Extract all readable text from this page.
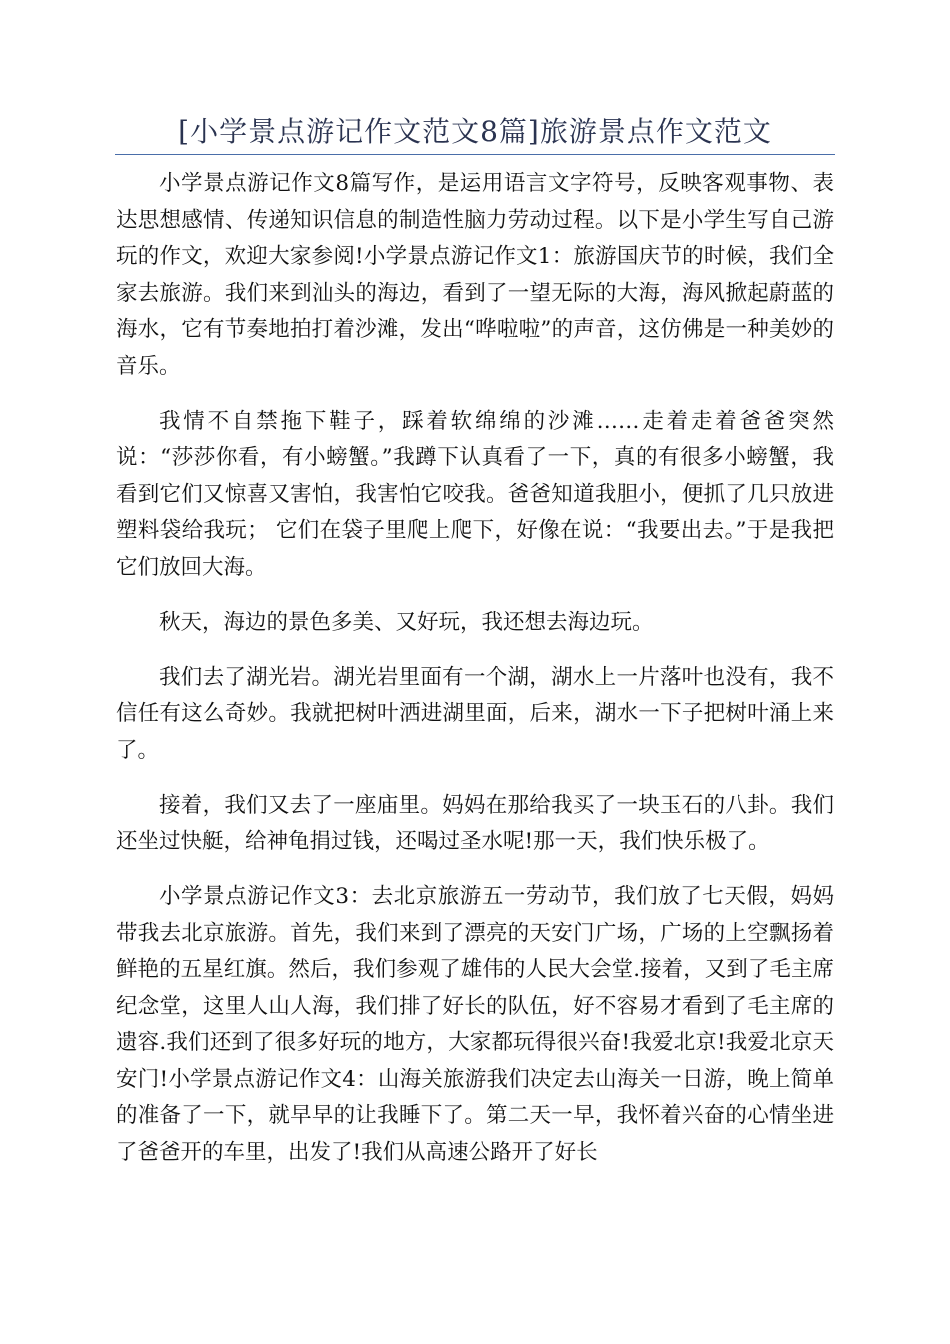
[小学景点游记作文范文8篇]旅游景点作文范文

小学景点游记作文8篇写作，是运用语言文字符号，反映客观事物、表达思想感情、传递知识信息的制造性脑力劳动过程。以下是小学生写自己游玩的作文，欢迎大家参阅!小学景点游记作文1：旅游国庆节的时候，我们全家去旅游。我们来到汕头的海边，看到了一望无际的大海，海风掀起蔚蓝的海水，它有节奏地拍打着沙滩，发出“哗啦啦”的声音，这仿佛是一种美妙的音乐。

我情不自禁拖下鞋子，踩着软绵绵的沙滩……走着走着爸爸突然说：“莎莎你看，有小螃蟹。”我蹲下认真看了一下，真的有很多小螃蟹，我看到它们又惊喜又害怕，我害怕它咬我。爸爸知道我胆小，便抓了几只放进塑料袋给我玩； 它们在袋子里爬上爬下，好像在说：“我要出去。”于是我把它们放回大海。

秋天，海边的景色多美、又好玩，我还想去海边玩。

我们去了湖光岩。湖光岩里面有一个湖，湖水上一片落叶也没有，我不信任有这么奇妙。我就把树叶洒进湖里面，后来，湖水一下子把树叶涌上来了。

接着，我们又去了一座庙里。妈妈在那给我买了一块玉石的八卦。我们还坐过快艇，给神龟捐过钱，还喝过圣水呢!那一天，我们快乐极了。

小学景点游记作文3：去北京旅游五一劳动节，我们放了七天假，妈妈带我去北京旅游。首先，我们来到了漂亮的天安门广场，广场的上空飘扬着鲜艳的五星红旗。然后，我们参观了雄伟的人民大会堂.接着，又到了毛主席纪念堂，这里人山人海，我们排了好长的队伍，好不容易才看到了毛主席的遗容.我们还到了很多好玩的地方，大家都玩得很兴奋!我爱北京!我爱北京天安门!小学景点游记作文4：山海关旅游我们决定去山海关一日游，晚上简单的准备了一下，就早早的让我睡下了。第二天一早，我怀着兴奋的心情坐进了爸爸开的车里，出发了!我们从高速公路开了好长
